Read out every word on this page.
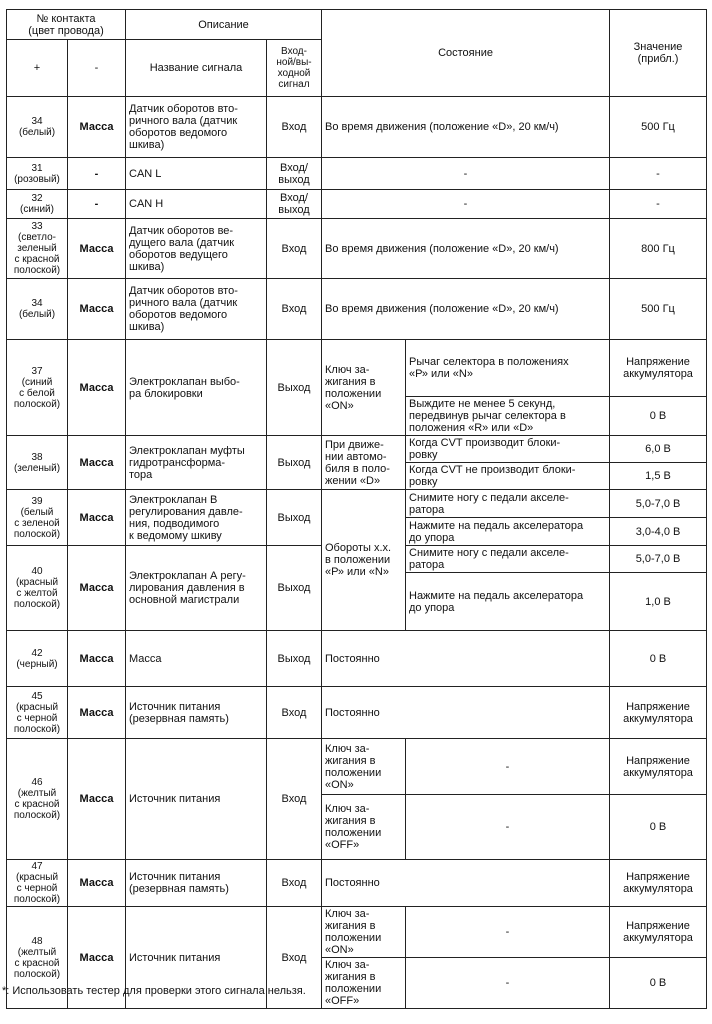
№ контакта
(цвет провода)		Описание		Состояние		Значение
(прибл.)
+	-	Название сигнала	Вход-
ной/вы-
ходной
сигнал			
34
(белый)	Масса	Датчик оборотов вто-
ричного вала (датчик
оборотов ведомого
шкива)	Вход	Во время движения (положение «D», 20 км/ч)		500 Гц
31
(розовый)	-	CAN L	Вход/
выход	-		-
32
(синий)	-	CAN H	Вход/
выход	-		-
33
(светло-
зеленый
с красной
полоской)	Масса	Датчик оборотов ве-
дущего вала (датчик
оборотов ведущего
шкива)	Вход	Во время движения (положение «D», 20 км/ч)		800 Гц
34
(белый)	Масса	Датчик оборотов вто-
ричного вала (датчик
оборотов ведомого
шкива)	Вход	Во время движения (положение «D», 20 км/ч)		500 Гц
37
(синий
с белой
полоской)	Масса	Электроклапан выбо-
ра блокировки	Выход	Ключ за-
жигания в
положении
«ON»	Рычаг селектора в положениях
«Р» или «N»	Напряжение
аккумулятора
					Выждите не менее 5 секунд,
передвинув рычаг селектора в
положения «R» или «D»	0 В
38
(зеленый)	Масса	Электроклапан муфты
гидротрансформа-
тора	Выход	При движе-
нии автомо-
биля в поло-
жении «D»	Когда CVT производит блоки-
ровку	6,0 В
					Когда CVT не производит блоки-
ровку	1,5 В
39
(белый
с зеленой
полоской)	Масса	Электроклапан В
регулирования давле-
ния, подводимого
к ведомому шкиву	Выход	Обороты х.х.
в положении
«Р» или «N»	Снимите ногу с педали акселе-
ратора	5,0-7,0 В
					Нажмите на педаль акселератора
до упора	3,0-4,0 В
40
(красный
с желтой
полоской)	Масса	Электроклапан А регу-
лирования давления в
основной магистрали	Выход		Снимите ногу с педали акселе-
ратора	5,0-7,0 В
					Нажмите на педаль акселератора
до упора	1,0 В
42
(черный)	Масса	Масса	Выход	Постоянно		0 В
45
(красный
с черной
полоской)	Масса	Источник питания
(резервная память)	Вход	Постоянно		Напряжение
аккумулятора
46
(желтый
с красной
полоской)	Масса	Источник питания	Вход	Ключ за-
жигания в
положении
«ON»	-	Напряжение
аккумулятора
				Ключ за-
жигания в
положении
«OFF»	-	0 В
47
(красный
с черной
полоской)	Масса	Источник питания
(резервная память)	Вход	Постоянно		Напряжение
аккумулятора
48
(желтый
с красной
полоской)	Масса	Источник питания	Вход	Ключ за-
жигания в
положении
«ON»	-	Напряжение
аккумулятора
				Ключ за-
жигания в
положении
«OFF»	-	0 В
*: Использовать тестер для проверки этого сигнала нельзя.
